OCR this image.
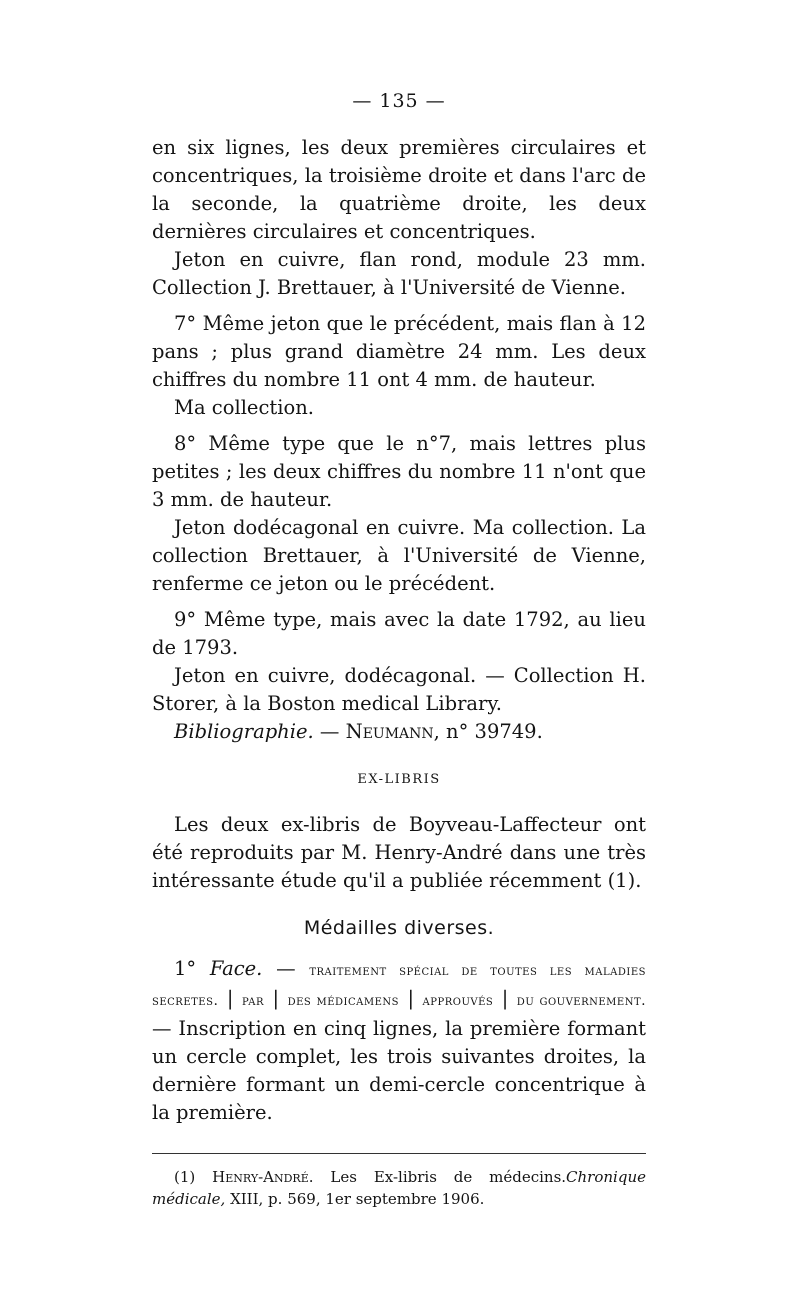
— 135 —

en six lignes, les deux premières circulaires et concentriques, la troisième droite et dans l'arc de la seconde, la quatrième droite, les deux dernières circulaires et concentriques.

Jeton en cuivre, flan rond, module 23 mm. Collection J. Brettauer, à l'Université de Vienne.

7° Même jeton que le précédent, mais flan à 12 pans ; plus grand diamètre 24 mm. Les deux chiffres du nombre 11 ont 4 mm. de hauteur.

Ma collection.

8° Même type que le n°7, mais lettres plus petites ; les deux chiffres du nombre 11 n'ont que 3 mm. de hauteur.

Jeton dodécagonal en cuivre. Ma collection. La collection Brettauer, à l'Université de Vienne, renferme ce jeton ou le précédent.

9° Même type, mais avec la date 1792, au lieu de 1793.

Jeton en cuivre, dodécagonal. — Collection H. Storer, à la Boston medical Library.

Bibliographie. — Neumann, n° 39749.

EX-LIBRIS

Les deux ex-libris de Boyveau-Laffecteur ont été reproduits par M. Henry-André dans une très intéressante étude qu'il a publiée récemment (1).

Médailles diverses.

1° Face. — traitement spécial de toutes les maladies secretes. | par | des médicamens | approuvés | du gouvernement. — Inscription en cinq lignes, la première formant un cercle complet, les trois suivantes droites, la dernière formant un demi-cercle concentrique à la première.

(1) Henry-André. Les Ex-libris de médecins.Chronique médicale, XIII, p. 569, 1er septembre 1906.
